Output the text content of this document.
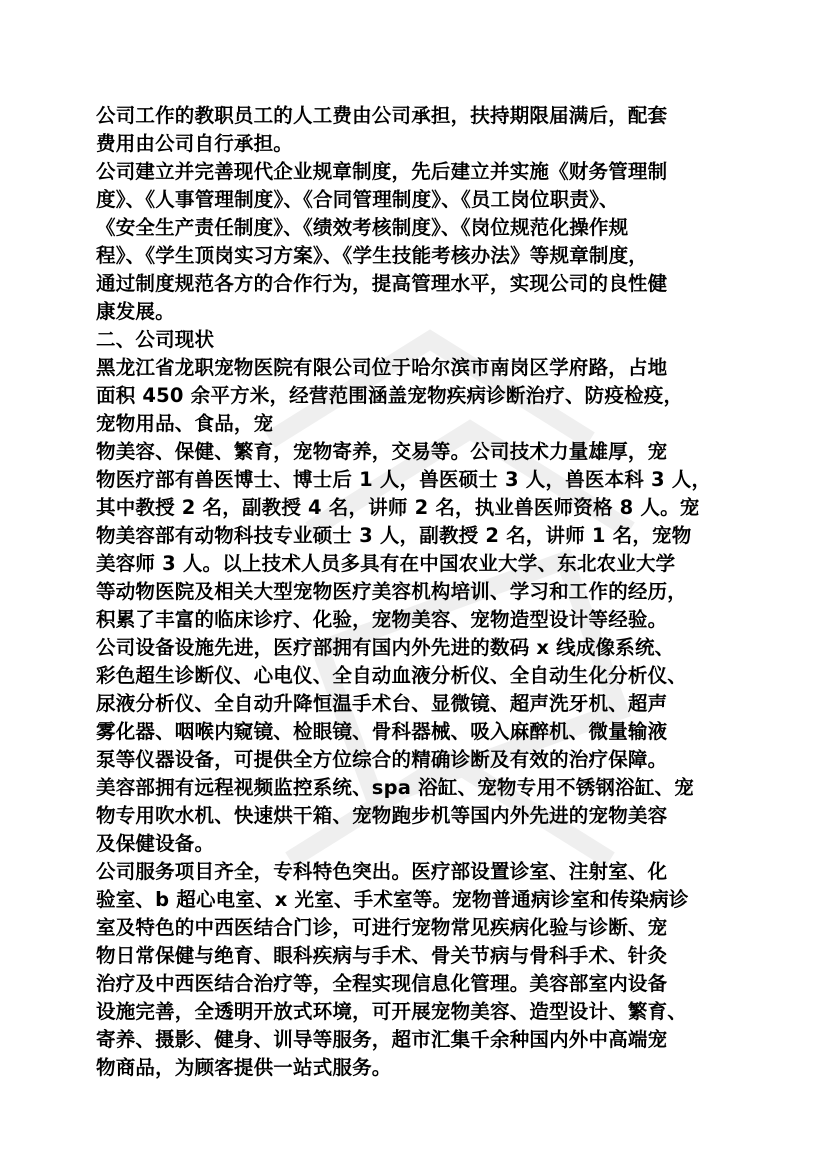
公司工作的教职员工的人工费由公司承担，扶持期限届满后，配套
费用由公司自行承担。
公司建立并完善现代企业规章制度，先后建立并实施《财务管理制
度》、《人事管理制度》、《合同管理制度》、《员工岗位职责》、
《安全生产责任制度》、《绩效考核制度》、《岗位规范化操作规
程》、《学生顶岗实习方案》、《学生技能考核办法》等规章制度，
通过制度规范各方的合作行为，提高管理水平，实现公司的良性健
康发展。
二、公司现状
黑龙江省龙职宠物医院有限公司位于哈尔滨市南岗区学府路，占地
面积 450 余平方米，经营范围涵盖宠物疾病诊断治疗、防疫检疫，
宠物用品、食品，宠
物美容、保健、繁育，宠物寄养，交易等。公司技术力量雄厚，宠
物医疗部有兽医博士、博士后 1 人，兽医硕士 3 人，兽医本科 3 人，
其中教授 2 名，副教授 4 名，讲师 2 名，执业兽医师资格 8 人。宠
物美容部有动物科技专业硕士 3 人，副教授 2 名，讲师 1 名，宠物
美容师 3 人。以上技术人员多具有在中国农业大学、东北农业大学
等动物医院及相关大型宠物医疗美容机构培训、学习和工作的经历，
积累了丰富的临床诊疗、化验，宠物美容、宠物造型设计等经验。
公司设备设施先进，医疗部拥有国内外先进的数码 x 线成像系统、
彩色超生诊断仪、心电仪、全自动血液分析仪、全自动生化分析仪、
尿液分析仪、全自动升降恒温手术台、显微镜、超声洗牙机、超声
雾化器、咽喉内窥镜、检眼镜、骨科器械、吸入麻醉机、微量输液
泵等仪器设备，可提供全方位综合的精确诊断及有效的治疗保障。
美容部拥有远程视频监控系统、spa 浴缸、宠物专用不锈钢浴缸、宠
物专用吹水机、快速烘干箱、宠物跑步机等国内外先进的宠物美容
及保健设备。
公司服务项目齐全，专科特色突出。医疗部设置诊室、注射室、化
验室、b 超心电室、x 光室、手术室等。宠物普通病诊室和传染病诊
室及特色的中西医结合门诊，可进行宠物常见疾病化验与诊断、宠
物日常保健与绝育、眼科疾病与手术、骨关节病与骨科手术、针灸
治疗及中西医结合治疗等，全程实现信息化管理。美容部室内设备
设施完善，全透明开放式环境，可开展宠物美容、造型设计、繁育、
寄养、摄影、健身、训导等服务，超市汇集千余种国内外中高端宠
物商品，为顾客提供一站式服务。
